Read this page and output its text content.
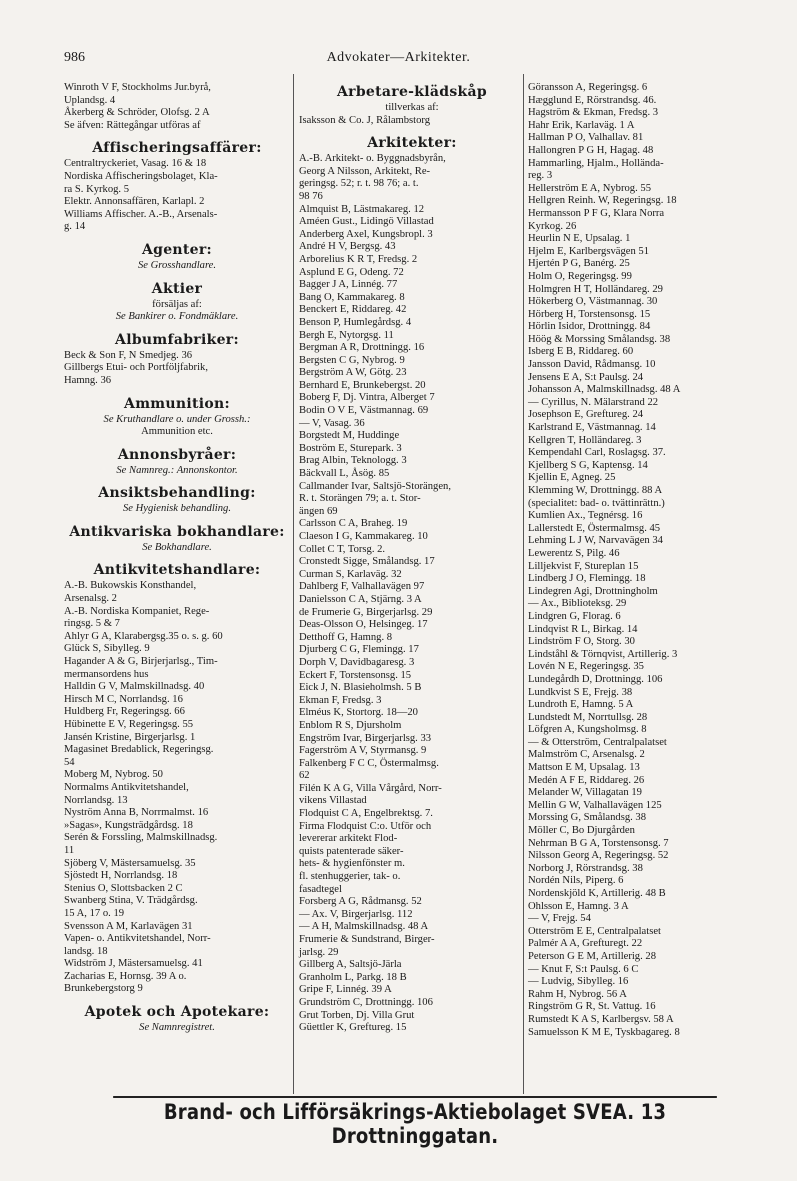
986	Advokater—Arkitekter.

Winroth V F, Stockholms Jur.byrå,

Uplandsg. 4

Åkerberg & Schröder, Olofsg. 2 A

Se äfven: Rättegångar utföras af

Affischeringsaffärer:

Centraltryckeriet, Vasag. 16 & 18

Nordiska Affischeringsbolaget, Kla-

ra S. Kyrkog. 5

Elektr. Annonsaffären, Karlapl. 2

Williams Affischer. A.-B., Arsenals-

g. 14

Agenter:

Se Grosshandlare.

Aktier

försäljas af:

Se Bankirer o. Fondmäklare.

Albumfabriker:

Beck & Son F, N Smedjeg. 36

Gillbergs Etui- och Portföljfabrik,

Hamng. 36

Ammunition:

Se Kruthandlare o. under Grossh.:

Ammunition etc.

Annonsbyråer:

Se Namnreg.: Annonskontor.

Ansiktsbehandling:

Se Hygienisk behandling.

Antikvariska bokhandlare:

Se Bokhandlare.

Antikvitetshandlare:

A.-B. Bukowskis Konsthandel,

Arsenalsg. 2

A.-B. Nordiska Kompaniet, Rege-

ringsg. 5 & 7

Ahlyr G A, Klarabergsg.35 o. s. g. 60

Glück S, Sibylleg. 9

Hagander A & G, Birjerjarlsg., Tim-

mermansordens hus

Halldin G V, Malmskillnadsg. 40

Hirsch M C, Norrlandsg. 16

Huldberg Fr, Regeringsg. 66

Hübinette E V, Regeringsg. 55

Jansén Kristine, Birgerjarlsg. 1

Magasinet Bredablick, Regeringsg.

54

Moberg M, Nybrog. 50

Normalms Antikvitetshandel,

Norrlandsg. 13

Nyström Anna B, Norrmalmst. 16

»Sagas», Kungsträdgårdsg. 18

Serén & Forssling, Malmskillnadsg.

11

Sjöberg V, Mästersamuelsg. 35

Sjöstedt H, Norrlandsg. 18

Stenius O, Slottsbacken 2 C

Swanberg Stina, V. Trädgårdsg.

15 A, 17 o. 19

Svensson A M, Karlavägen 31

Vapen- o. Antikvitetshandel, Norr-

landsg. 18

Widström J, Mästersamuelsg. 41

Zacharias E, Hornsg. 39 A o.

Brunkebergstorg 9

Apotek och Apotekare:

Se Namnregistret.

Arbetare-klädskåp

tillverkas af:

Isaksson & Co. J, Rålambstorg

Arkitekter:

A.-B. Arkitekt- o. Byggnadsbyrån,

Georg A Nilsson, Arkitekt, Re-

geringsg. 52; r. t. 98 76; a. t.

98 76

Almquist B, Lästmakareg. 12

Améen Gust., Lidingö Villastad

Anderberg Axel, Kungsbropl. 3

André H V, Bergsg. 43

Arborelius K R T, Fredsg. 2

Asplund E G, Odeng. 72

Bagger J A, Linnég. 77

Bang O, Kammakareg. 8

Benckert E, Riddareg. 42

Benson P, Humlegårdsg. 4

Bergh E, Nytorgsg. 11

Bergman A R, Drottningg. 16

Bergsten C G, Nybrog. 9

Bergström A W, Götg. 23

Bernhard E, Brunkebergst. 20

Boberg F, Dj. Vintra, Alberget 7

Bodin O V E, Västmannag. 69

— V, Vasag. 36

Borgstedt M, Huddinge

Boström E, Sturepark. 3

Brag Albin, Teknologg. 3

Bäckvall L, Åsög. 85

Callmander Ivar, Saltsjö-Storängen,

R. t. Storängen 79; a. t. Stor-

ängen 69

Carlsson C A, Braheg. 19

Claeson I G, Kammakareg. 10

Collet C T, Torsg. 2.

Cronstedt Sigge, Smålandsg. 17

Curman S, Karlaväg. 32

Dahlberg F, Valhallavägen 97

Danielsson C A, Stjärng. 3 A

de Frumerie G, Birgerjarlsg. 29

Deas-Olsson O, Helsingeg. 17

Detthoff G, Hamng. 8

Djurberg C G, Flemingg. 17

Dorph V, Davidbagaresg. 3

Eckert F, Torstensonsg. 15

Eick J, N. Blasieholmsh. 5 B

Ekman F, Fredsg. 3

Elméus K, Stortorg. 18—20

Enblom R S, Djursholm

Engström Ivar, Birgerjarlsg. 33

Fagerström A V, Styrmansg. 9

Falkenberg F C C, Östermalmsg.

62

Filén K A G, Villa Vårgård, Norr-

vikens Villastad

Flodquist C A, Engelbrektsg. 7.

Firma Flodquist C:o. Utför och

levererar arkitekt Flod-

quists patenterade säker-

hets- & hygienfönster m.

fl. stenhuggerier, tak- o.

fasadtegel

Forsberg A G, Rådmansg. 52

— Ax. V, Birgerjarlsg. 112

— A H, Malmskillnadsg. 48 A

Frumerie & Sundstrand, Birger-

jarlsg. 29

Gillberg A, Saltsjö-Järla

Granholm L, Parkg. 18 B

Gripe F, Linnég. 39 A

Grundström C, Drottningg. 106

Grut Torben, Dj. Villa Grut

Güettler K, Greftureg. 15

Göransson A, Regeringsg. 6

Hægglund E, Rörstrandsg. 46.

Hagström & Ekman, Fredsg. 3

Hahr Erik, Karlaväg. 1 A

Hallman P O, Valhallav. 81

Hallongren P G H, Hagag. 48

Hammarling, Hjalm., Hollända-

reg. 3

Hellerström E A, Nybrog. 55

Hellgren Reinh. W, Regeringsg. 18

Hermansson P F G, Klara Norra

Kyrkog. 26

Heurlin N E, Upsalag. 1

Hjelm E, Karlbergsvägen 51

Hjertén P G, Banérg. 25

Holm O, Regeringsg. 99

Holmgren H T, Holländareg. 29

Hökerberg O, Västmannag. 30

Hörberg H, Torstensonsg. 15

Hörlin Isidor, Drottningg. 84

Höög & Morssing Smålandsg. 38

Isberg E B, Riddareg. 60

Jansson David, Rådmansg. 10

Jensens E A, S:t Paulsg. 24

Johansson A, Malmskillnadsg. 48 A

— Cyrillus, N. Mälarstrand 22

Josephson E, Greftureg. 24

Karlstrand E, Västmannag. 14

Kellgren T, Holländareg. 3

Kempendahl Carl, Roslagsg. 37.

Kjellberg S G, Kaptensg. 14

Kjellin E, Agneg. 25

Klemming W, Drottningg. 88 A

(specialitet: bad- o. tvättinrättn.)

Kumlien Ax., Tegnérsg. 16

Lallerstedt E, Östermalmsg. 45

Lehming L J W, Narvavägen 34

Lewerentz S, Pilg. 46

Lilljekvist F, Stureplan 15

Lindberg J O, Flemingg. 18

Lindegren Agi, Drottningholm

— Ax., Biblioteksg. 29

Lindgren G, Florag. 6

Lindqvist R L, Birkag. 14

Lindström F O, Storg. 30

Lindståhl & Törnqvist, Artillerig. 3

Lovén N E, Regeringsg. 35

Lundegårdh D, Drottningg. 106

Lundkvist S E, Frejg. 38

Lundroth E, Hamng. 5 A

Lundstedt M, Norrtullsg. 28

Löfgren A, Kungsholmsg. 8

— & Otterström, Centralpalatset

Malmström C, Arsenalsg. 2

Mattson E M, Upsalag. 13

Medén A F E, Riddareg. 26

Melander W, Villagatan 19

Mellin G W, Valhallavägen 125

Morssing G, Smålandsg. 38

Möller C, Bo Djurgården

Nehrman B G A, Torstensonsg. 7

Nilsson Georg A, Regeringsg. 52

Norborg J, Rörstrandsg. 38

Nordén Nils, Piperg. 6

Nordenskjöld K, Artillerig. 48 B

Ohlsson E, Hamng. 3 A

— V, Frejg. 54

Otterström E E, Centralpalatset

Palmér A A, Grefturegt. 22

Peterson G E M, Artillerig. 28

— Knut F, S:t Paulsg. 6 C

— Ludvig, Sibylleg. 16

Rahm H, Nybrog. 56 A

Ringström G R, St. Vattug. 16

Rumstedt K A S, Karlbergsv. 58 A

Samuelsson K M E, Tyskbagareg. 8

Brand- och Lifförsäkrings-Aktiebolaget SVEA. 13 Drottninggatan.
